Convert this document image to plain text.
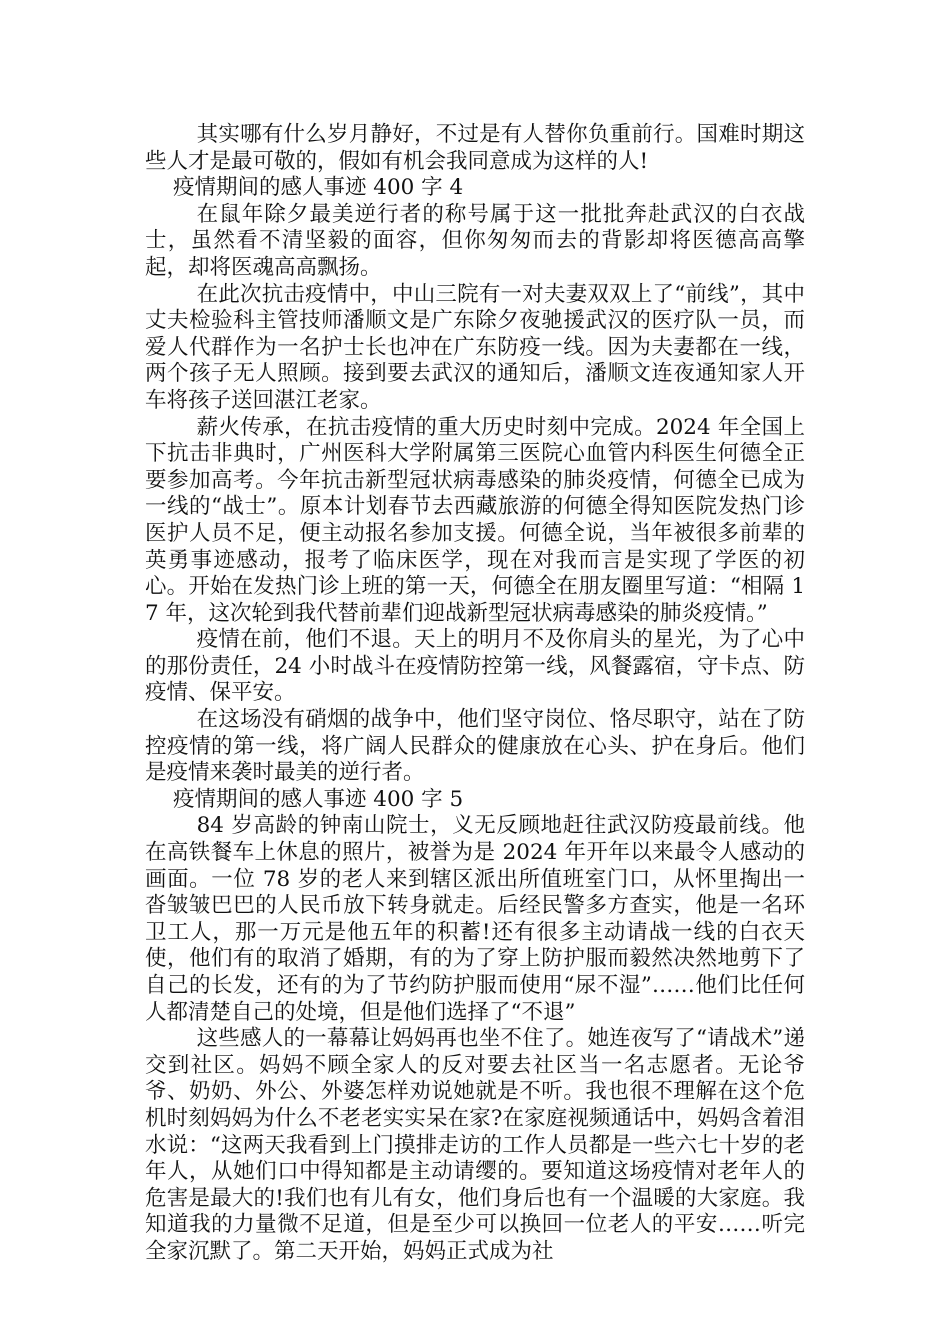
其实哪有什么岁月静好，不过是有人替你负重前行。国难时期这些人才是最可敬的，假如有机会我同意成为这样的人!

疫情期间的感人事迹 400 字 4

在鼠年除夕最美逆行者的称号属于这一批批奔赴武汉的白衣战士，虽然看不清坚毅的面容，但你匆匆而去的背影却将医德高高擎起，却将医魂高高飘扬。

在此次抗击疫情中，中山三院有一对夫妻双双上了“前线”，其中丈夫检验科主管技师潘顺文是广东除夕夜驰援武汉的医疗队一员，而爱人代群作为一名护士长也冲在广东防疫一线。因为夫妻都在一线，两个孩子无人照顾。接到要去武汉的通知后，潘顺文连夜通知家人开车将孩子送回湛江老家。

薪火传承，在抗击疫情的重大历史时刻中完成。2024 年全国上下抗击非典时，广州医科大学附属第三医院心血管内科医生何德全正要参加高考。今年抗击新型冠状病毒感染的肺炎疫情，何德全已成为一线的“战士”。原本计划春节去西藏旅游的何德全得知医院发热门诊医护人员不足，便主动报名参加支援。何德全说，当年被很多前辈的英勇事迹感动，报考了临床医学，现在对我而言是实现了学医的初心。开始在发热门诊上班的第一天，何德全在朋友圈里写道：“相隔 17 年，这次轮到我代替前辈们迎战新型冠状病毒感染的肺炎疫情。”

疫情在前，他们不退。天上的明月不及你肩头的星光，为了心中的那份责任，24 小时战斗在疫情防控第一线，风餐露宿，守卡点、防疫情、保平安。

在这场没有硝烟的战争中，他们坚守岗位、恪尽职守，站在了防控疫情的第一线，将广阔人民群众的健康放在心头、护在身后。他们是疫情来袭时最美的逆行者。

疫情期间的感人事迹 400 字 5

84 岁高龄的钟南山院士，义无反顾地赶往武汉防疫最前线。他在高铁餐车上休息的照片，被誉为是 2024 年开年以来最令人感动的画面。一位 78 岁的老人来到辖区派出所值班室门口，从怀里掏出一沓皱皱巴巴的人民币放下转身就走。后经民警多方查实，他是一名环卫工人，那一万元是他五年的积蓄!还有很多主动请战一线的白衣天使，他们有的取消了婚期，有的为了穿上防护服而毅然决然地剪下了自己的长发，还有的为了节约防护服而使用“尿不湿”……他们比任何人都清楚自己的处境，但是他们选择了“不退”

这些感人的一幕幕让妈妈再也坐不住了。她连夜写了“请战术”递交到社区。妈妈不顾全家人的反对要去社区当一名志愿者。无论爷爷、奶奶、外公、外婆怎样劝说她就是不听。我也很不理解在这个危机时刻妈妈为什么不老老实实呆在家?在家庭视频通话中，妈妈含着泪水说：“这两天我看到上门摸排走访的工作人员都是一些六七十岁的老年人，从她们口中得知都是主动请缨的。要知道这场疫情对老年人的危害是最大的!我们也有儿有女，他们身后也有一个温暖的大家庭。我知道我的力量微不足道，但是至少可以换回一位老人的平安……听完全家沉默了。第二天开始，妈妈正式成为社
